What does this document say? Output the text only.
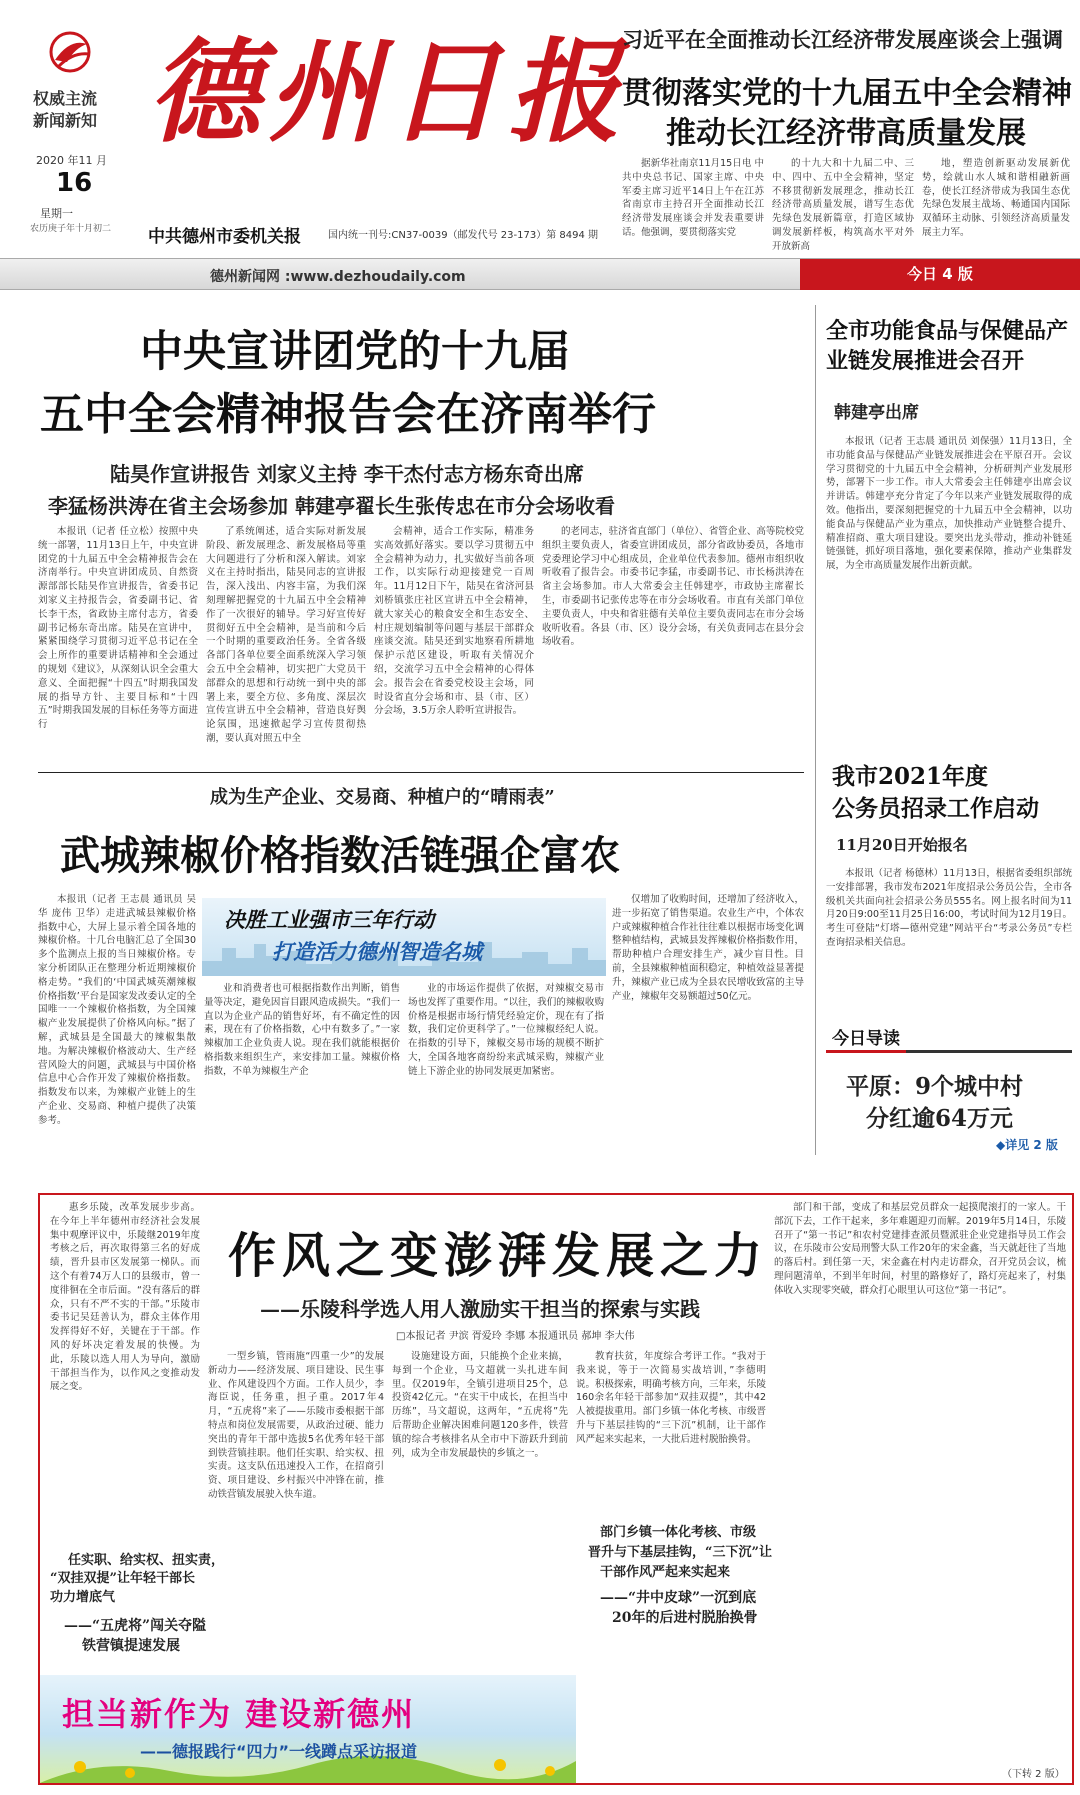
权威主流
新闻新知
2020 年11 月
16
星期一
农历庚子年十月初二
德州日报
中共德州市委机关报	国内统一刊号:CN37-0039（邮发代号 23-173）第 8494 期
习近平在全面推动长江经济带发展座谈会上强调
贯彻落实党的十九届五中全会精神
推动长江经济带高质量发展

据新华社南京11月15日电 中共中央总书记、国家主席、中央军委主席习近平14日上午在江苏省南京市主持召开全面推动长江经济带发展座谈会并发表重要讲话。他强调，要贯彻落实党

的十九大和十九届二中、三中、四中、五中全会精神，坚定不移贯彻新发展理念，推动长江经济带高质量发展，谱写生态优先绿色发展新篇章，打造区域协调发展新样板，构筑高水平对外开放新高

地，塑造创新驱动发展新优势，绘就山水人城和谐相融新画卷，使长江经济带成为我国生态优先绿色发展主战场、畅通国内国际双循环主动脉、引领经济高质量发展主力军。

德州新闻网 :www.dezhoudaily.com	今日 4 版
中央宣讲团党的十九届
五中全会精神报告会在济南举行
陆昊作宣讲报告 刘家义主持 李干杰付志方杨东奇出席
李猛杨洪涛在省主会场参加 韩建亭翟长生张传忠在市分会场收看

本报讯（记者 任立松）按照中央统一部署，11月13日上午，中央宣讲团党的十九届五中全会精神报告会在济南举行。中央宣讲团成员、自然资源部部长陆昊作宣讲报告，省委书记刘家义主持报告会，省委副书记、省长李干杰，省政协主席付志方，省委副书记杨东奇出席。陆昊在宣讲中，紧紧围绕学习贯彻习近平总书记在全会上所作的重要讲话精神和全会通过的规划《建议》，从深刻认识全会重大意义、全面把握“十四五”时期我国发展的指导方针、主要目标和“十四五”时期我国发展的目标任务等方面进行

了系统阐述，适合实际对新发展阶段、新发展理念、新发展格局等重大问题进行了分析和深入解读。刘家义在主持时指出，陆昊同志的宣讲报告，深入浅出、内容丰富，为我们深刻理解把握党的十九届五中全会精神作了一次很好的辅导。学习好宣传好贯彻好五中全会精神，是当前和今后一个时期的重要政治任务。全省各级各部门各单位要全面系统深入学习领会五中全会精神，切实把广大党员干部群众的思想和行动统一到中央的部署上来，要全方位、多角度、深层次宣传宣讲五中全会精神，营造良好舆论氛围，迅速掀起学习宣传贯彻热潮，要认真对照五中全

会精神，适合工作实际，精准务实高效抓好落实。要以学习贯彻五中全会精神为动力，扎实做好当前各项工作，以实际行动迎接建党一百周年。11月12日下午，陆昊在省济河县刘桥镇张庄社区宣讲五中全会精神，就大家关心的粮食安全和生态安全、村庄规划编制等问题与基层干部群众座谈交流。陆昊还到实地察看所耕地保护示范区建设，听取有关情况介绍，交流学习五中全会精神的心得体会。报告会在省委党校设主会场，同时设省直分会场和市、县（市、区）分会场，3.5万余人聆听宣讲报告。

的老同志，驻济省直部门（单位）、省管企业、高等院校党组织主要负责人，省委宣讲团成员，部分省政协委员，各地市党委理论学习中心组成员，企业单位代表参加。德州市组织收听收看了报告会。市委书记李猛，市委副书记、市长杨洪涛在省主会场参加。市人大常委会主任韩建亭，市政协主席翟长生，市委副书记张传忠等在市分会场收看。市直有关部门单位主要负责人，中央和省驻德有关单位主要负责同志在市分会场收听收看。各县（市、区）设分会场，有关负责同志在县分会场收看。

全市功能食品与保健品产业链发展推进会召开
韩建亭出席

本报讯（记者 王志晨 通讯员 刘保强）11月13日，全市功能食品与保健品产业链发展推进会在平原召开。会议学习贯彻党的十九届五中全会精神，分析研判产业发展形势，部署下一步工作。市人大常委会主任韩建亭出席会议并讲话。韩建亭充分肯定了今年以来产业链发展取得的成效。他指出，要深刻把握党的十九届五中全会精神，以功能食品与保健品产业为重点，加快推动产业链整合提升、精准招商、重大项目建设。要突出龙头带动，推动补链延链强链，抓好项目落地，强化要素保障，推动产业集群发展，为全市高质量发展作出新贡献。

我市2021年度
公务员招录工作启动
11月20日开始报名

本报讯（记者 杨德林）11月13日，根据省委组织部统一安排部署，我市发布2021年度招录公务员公告，全市各级机关共面向社会招录公务员555名。网上报名时间为11月20日9:00至11月25日16:00，考试时间为12月19日。考生可登陆“灯塔—德州党建”网站平台“考录公务员”专栏查询招录相关信息。

今日导读
平原：9个城中村
分红逾64万元
◆详见 2 版
成为生产企业、交易商、种植户的“晴雨表”
武城辣椒价格指数活链强企富农
决胜工业强市三年行动
打造活力德州智造名城

本报讯（记者 王志晨 通讯员 吴华 庞伟 卫华）走进武城县辣椒价格指数中心，大屏上显示着全国各地的辣椒价格。十几台电脑汇总了全国30多个监测点上报的当日辣椒价格。专家分析团队正在整理分析近期辣椒价格走势。“我们的‘中国武城英潮辣椒价格指数’平台是国家发改委认定的全国唯一一个辣椒价格指数，为全国辣椒产业发展提供了价格风向标。”据了解，武城县是全国最大的辣椒集散地。为解决辣椒价格波动大、生产经营风险大的问题，武城县与中国价格信息中心合作开发了辣椒价格指数。指数发布以来，为辣椒产业链上的生产企业、交易商、种植户提供了决策参考。

业和消费者也可根据指数作出判断，销售量等决定，避免因盲目跟风造成损失。“我们一直以为企业产品的销售好坏，有不确定性的因素，现在有了价格指数，心中有数多了。”一家辣椒加工企业负责人说。现在我们就能根据价格指数来组织生产，来安排加工量。辣椒价格指数，不单为辣椒生产企

业的市场运作提供了依据，对辣椒交易市场也发挥了重要作用。“以往，我们的辣椒收购价格是根据市场行情凭经验定价，现在有了指数，我们定价更科学了。”一位辣椒经纪人说。在指数的引导下，辣椒交易市场的规模不断扩大，全国各地客商纷纷来武城采购，辣椒产业链上下游企业的协同发展更加紧密。

仅增加了收购时间，还增加了经济收入，进一步拓宽了销售渠道。农业生产中，个体农户或辣椒种植合作社往往难以根据市场变化调整种植结构，武城县发挥辣椒价格指数作用，帮助种植户合理安排生产，减少盲目性。目前，全县辣椒种植面积稳定，种植效益显著提升，辣椒产业已成为全县农民增收致富的主导产业，辣椒年交易额超过50亿元。

作风之变澎湃发展之力
——乐陵科学选人用人激励实干担当的探索与实践
□本报记者 尹滨 胥爱玲 李娜 本报通讯员 郝坤 李大伟

惠乡乐陵，改革发展步步高。在今年上半年德州市经济社会发展集中观摩评议中，乐陵继2019年度考核之后，再次取得第三名的好成绩，晋升县市区发展第一梯队。而这个有着74万人口的县级市，曾一度徘徊在全市后面。“没有落后的群众，只有不严不实的干部。”乐陵市委书记吴廷善认为，群众主体作用发挥得好不好，关键在于干部。作风的好坏决定着发展的快慢。为此，乐陵以选人用人为导向，激励干部担当作为，以作风之变推动发展之变。

任实职、给实权、扭实责，
“双挂双提”让年轻干部长功力增底气
——“五虎将”闯关夺隘
铁营镇提速发展

一型乡镇，管雨施“四重一少”的发展新动力——经济发展、项目建设、民生事业、作风建设四个方面。工作人员少，李海臣说，任务重，担子重。2017年4月，“五虎将”来了——乐陵市委根据干部特点和岗位发展需要，从政治过硬、能力突出的青年干部中选拔5名优秀年轻干部到铁营镇挂职。他们任实职、给实权、扭实责。这支队伍迅速投入工作，在招商引资、项目建设、乡村振兴中冲锋在前，推动铁营镇发展驶入快车道。

设施建设方面，只能换个企业来搞，每到一个企业，马文超就一头扎进车间里。仅2019年，全镇引进项目25个，总投资42亿元。“在实干中成长，在担当中历练”，马文超说，这两年，“五虎将”先后帮助企业解决困难问题120多件，铁营镇的综合考核排名从全市中下游跃升到前列，成为全市发展最快的乡镇之一。

教育扶贫，年度综合考评工作。“我对于我来说，等于一次简易实战培训，”李德明说。积极探索，明确考核方向，三年来，乐陵160余名年轻干部参加“双挂双提”，其中42人被提拔重用。部门乡镇一体化考核、市级晋升与下基层挂钩的“三下沉”机制，让干部作风严起来实起来，一大批后进村脱胎换骨。

部门乡镇一体化考核、市级
晋升与下基层挂钩，“三下沉”让
干部作风严起来实起来
——“井中皮球”一沉到底
20年的后进村脱胎换骨

部门和干部，变成了和基层党员群众一起摸爬滚打的一家人。干部沉下去，工作干起来，多年难题迎刃而解。2019年5月14日，乐陵召开了“第一书记”和农村党建排查派员暨派驻企业党建指导员工作会议，在乐陵市公安局刑警大队工作20年的宋金鑫，当天就赶往了当地的落后村。到任第一天，宋金鑫在村内走访群众，召开党员会议，梳理问题清单，不到半年时间，村里的路修好了，路灯亮起来了，村集体收入实现零突破，群众打心眼里认可这位“第一书记”。

（下转 2 版）
担当新作为 建设新德州
——德报践行“四力”一线蹲点采访报道
